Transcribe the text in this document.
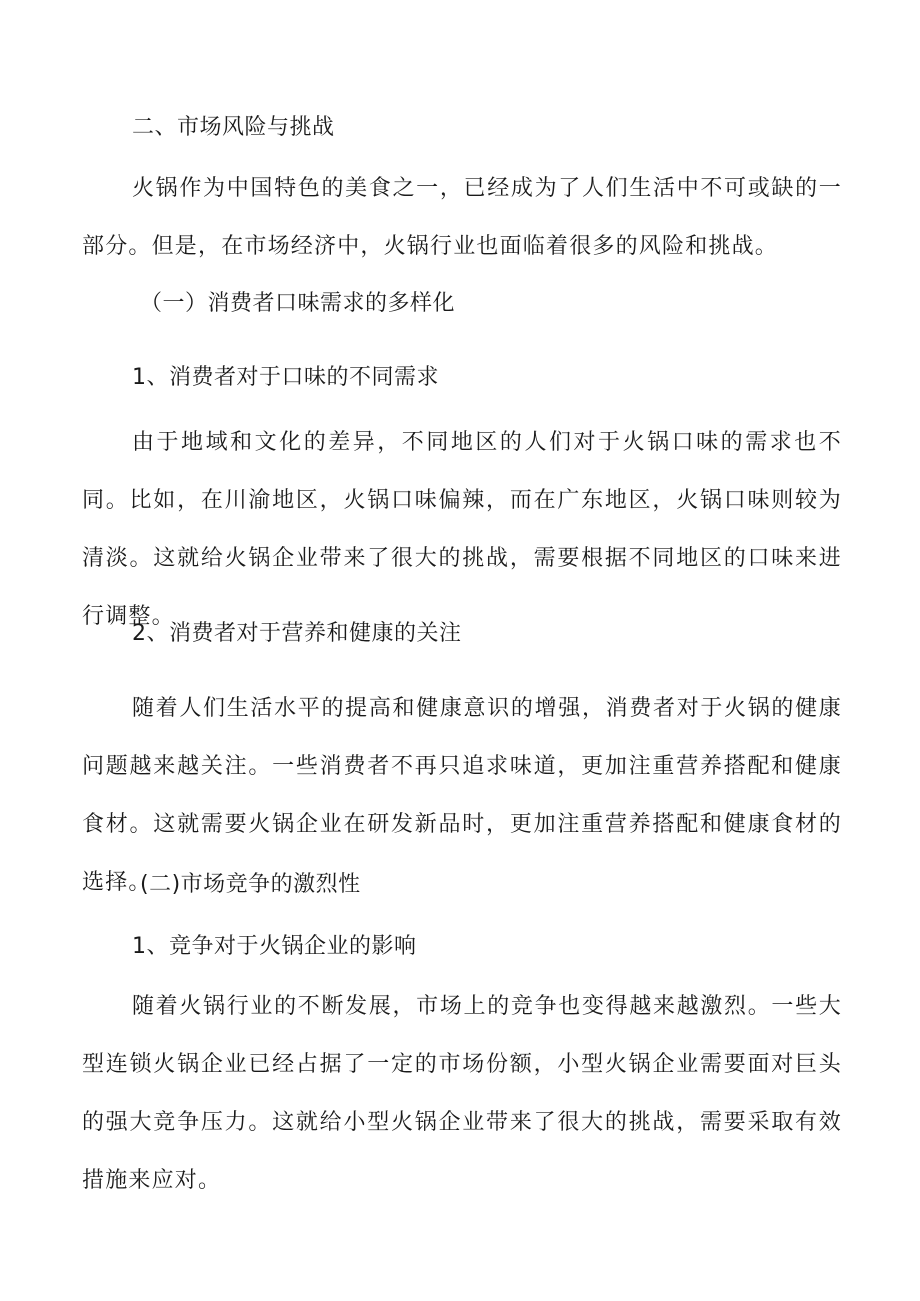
二、市场风险与挑战
火锅作为中国特色的美食之一，已经成为了人们生活中不可或缺的一部分。但是，在市场经济中，火锅行业也面临着很多的风险和挑战。
（一）消费者口味需求的多样化
1、消费者对于口味的不同需求
由于地域和文化的差异，不同地区的人们对于火锅口味的需求也不同。比如，在川渝地区，火锅口味偏辣，而在广东地区，火锅口味则较为清淡。这就给火锅企业带来了很大的挑战，需要根据不同地区的口味来进行调整。
2、消费者对于营养和健康的关注
随着人们生活水平的提高和健康意识的增强，消费者对于火锅的健康问题越来越关注。一些消费者不再只追求味道，更加注重营养搭配和健康食材。这就需要火锅企业在研发新品时，更加注重营养搭配和健康食材的选择。
(二)市场竞争的激烈性
1、竞争对于火锅企业的影响
随着火锅行业的不断发展，市场上的竞争也变得越来越激烈。一些大型连锁火锅企业已经占据了一定的市场份额，小型火锅企业需要面对巨头的强大竞争压力。这就给小型火锅企业带来了很大的挑战，需要采取有效措施来应对。
